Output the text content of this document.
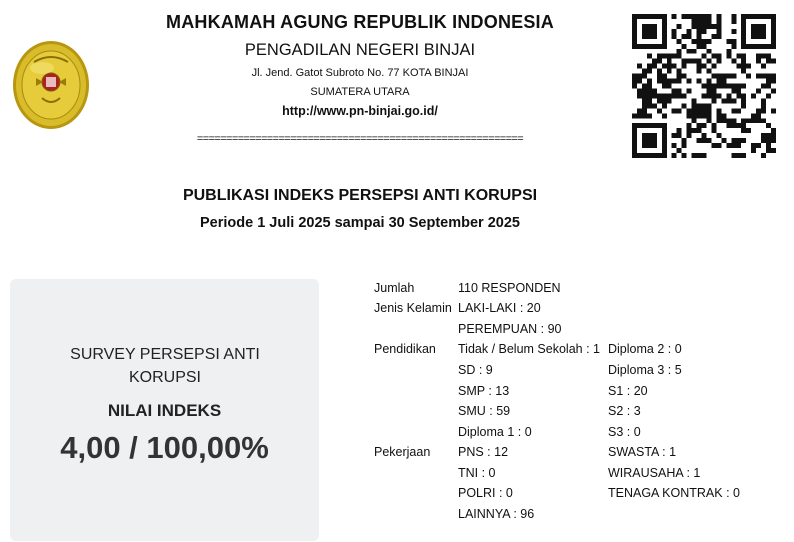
MAHKAMAH AGUNG REPUBLIK INDONESIA
PENGADILAN NEGERI BINJAI
Jl. Jend. Gatot Subroto No. 77 KOTA BINJAI
SUMATERA UTARA
http://www.pn-binjai.go.id/
========================================================
PUBLIKASI INDEKS PERSEPSI ANTI KORUPSI
Periode 1 Juli 2025 sampai 30 September 2025
SURVEY PERSEPSI ANTI KORUPSI
NILAI INDEKS
4,00 / 100,00%
Jumlah	110 RESPONDEN
Jenis Kelamin LAKI-LAKI : 20
PEREMPUAN : 90
Pendidikan Tidak / Belum Sekolah : 1
SD : 9
SMP : 13
SMU : 59
Diploma 1 : 0
Diploma 2 : 0
Diploma 3 : 5
S1 : 20
S2 : 3
S3 : 0
Pekerjaan PNS : 12
TNI : 0
POLRI : 0
LAINNYA : 96
SWASTA : 1
WIRAUSAHA : 1
TENAGA KONTRAK : 0
